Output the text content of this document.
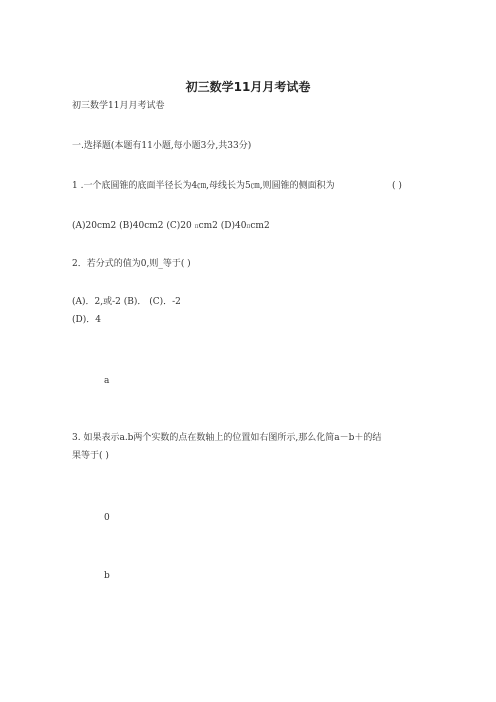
初三数学11月月考试卷
初三数学11月月考试卷
一.选择题(本题有11小题,每小题3分,共33分)
1 .一个底圆锥的底面半径长为4㎝,母线长为5㎝,则圆锥的侧面积为	( )
(A)20cm2 (B)40cm2 (C)20 πcm2 (D)40πcm2
2．若分式的值为0,则_等于( )
(A)．2,或-2 (B)． (C)．-2
(D)．4
a
3. 如果表示a.b两个实数的点在数轴上的位置如右图所示,那么化简a－b＋的结
果等于( )
0
b
